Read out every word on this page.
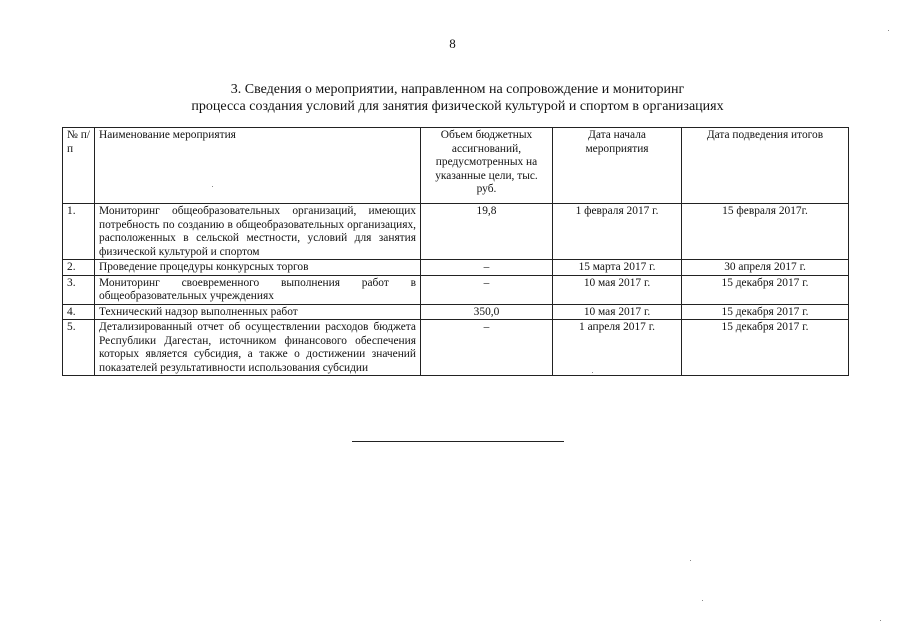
8
3. Сведения о мероприятии, направленном на сопровождение и мониторинг
процесса создания условий для занятия физической культурой и спортом в организациях
№ п/п	Наименование мероприятия	Объем бюджетных ассигнований, предусмотренных на указанные цели, тыс. руб.	Дата начала мероприятия	Дата подведения итогов
1.	Мониторинг общеобразовательных организаций, имеющих потребность по созданию в общеобразовательных организациях, расположенных в сельской местности, условий для занятия физической культурой и спортом	19,8	1 февраля 2017 г.	15 февраля 2017г.
2.	Проведение процедуры конкурсных торгов	–	15 марта 2017 г.	30 апреля 2017 г.
3.	Мониторинг своевременного выполнения работ в общеобразовательных учреждениях	–	10 мая 2017 г.	15 декабря 2017 г.
4.	Технический надзор выполненных работ	350,0	10 мая 2017 г.	15 декабря 2017 г.
5.	Детализированный отчет об осуществлении расходов бюджета Республики Дагестан, источником финансового обеспечения которых является субсидия, а также о достижении значений показателей результативности использования субсидии	–	1 апреля 2017 г.	15 декабря 2017 г.
